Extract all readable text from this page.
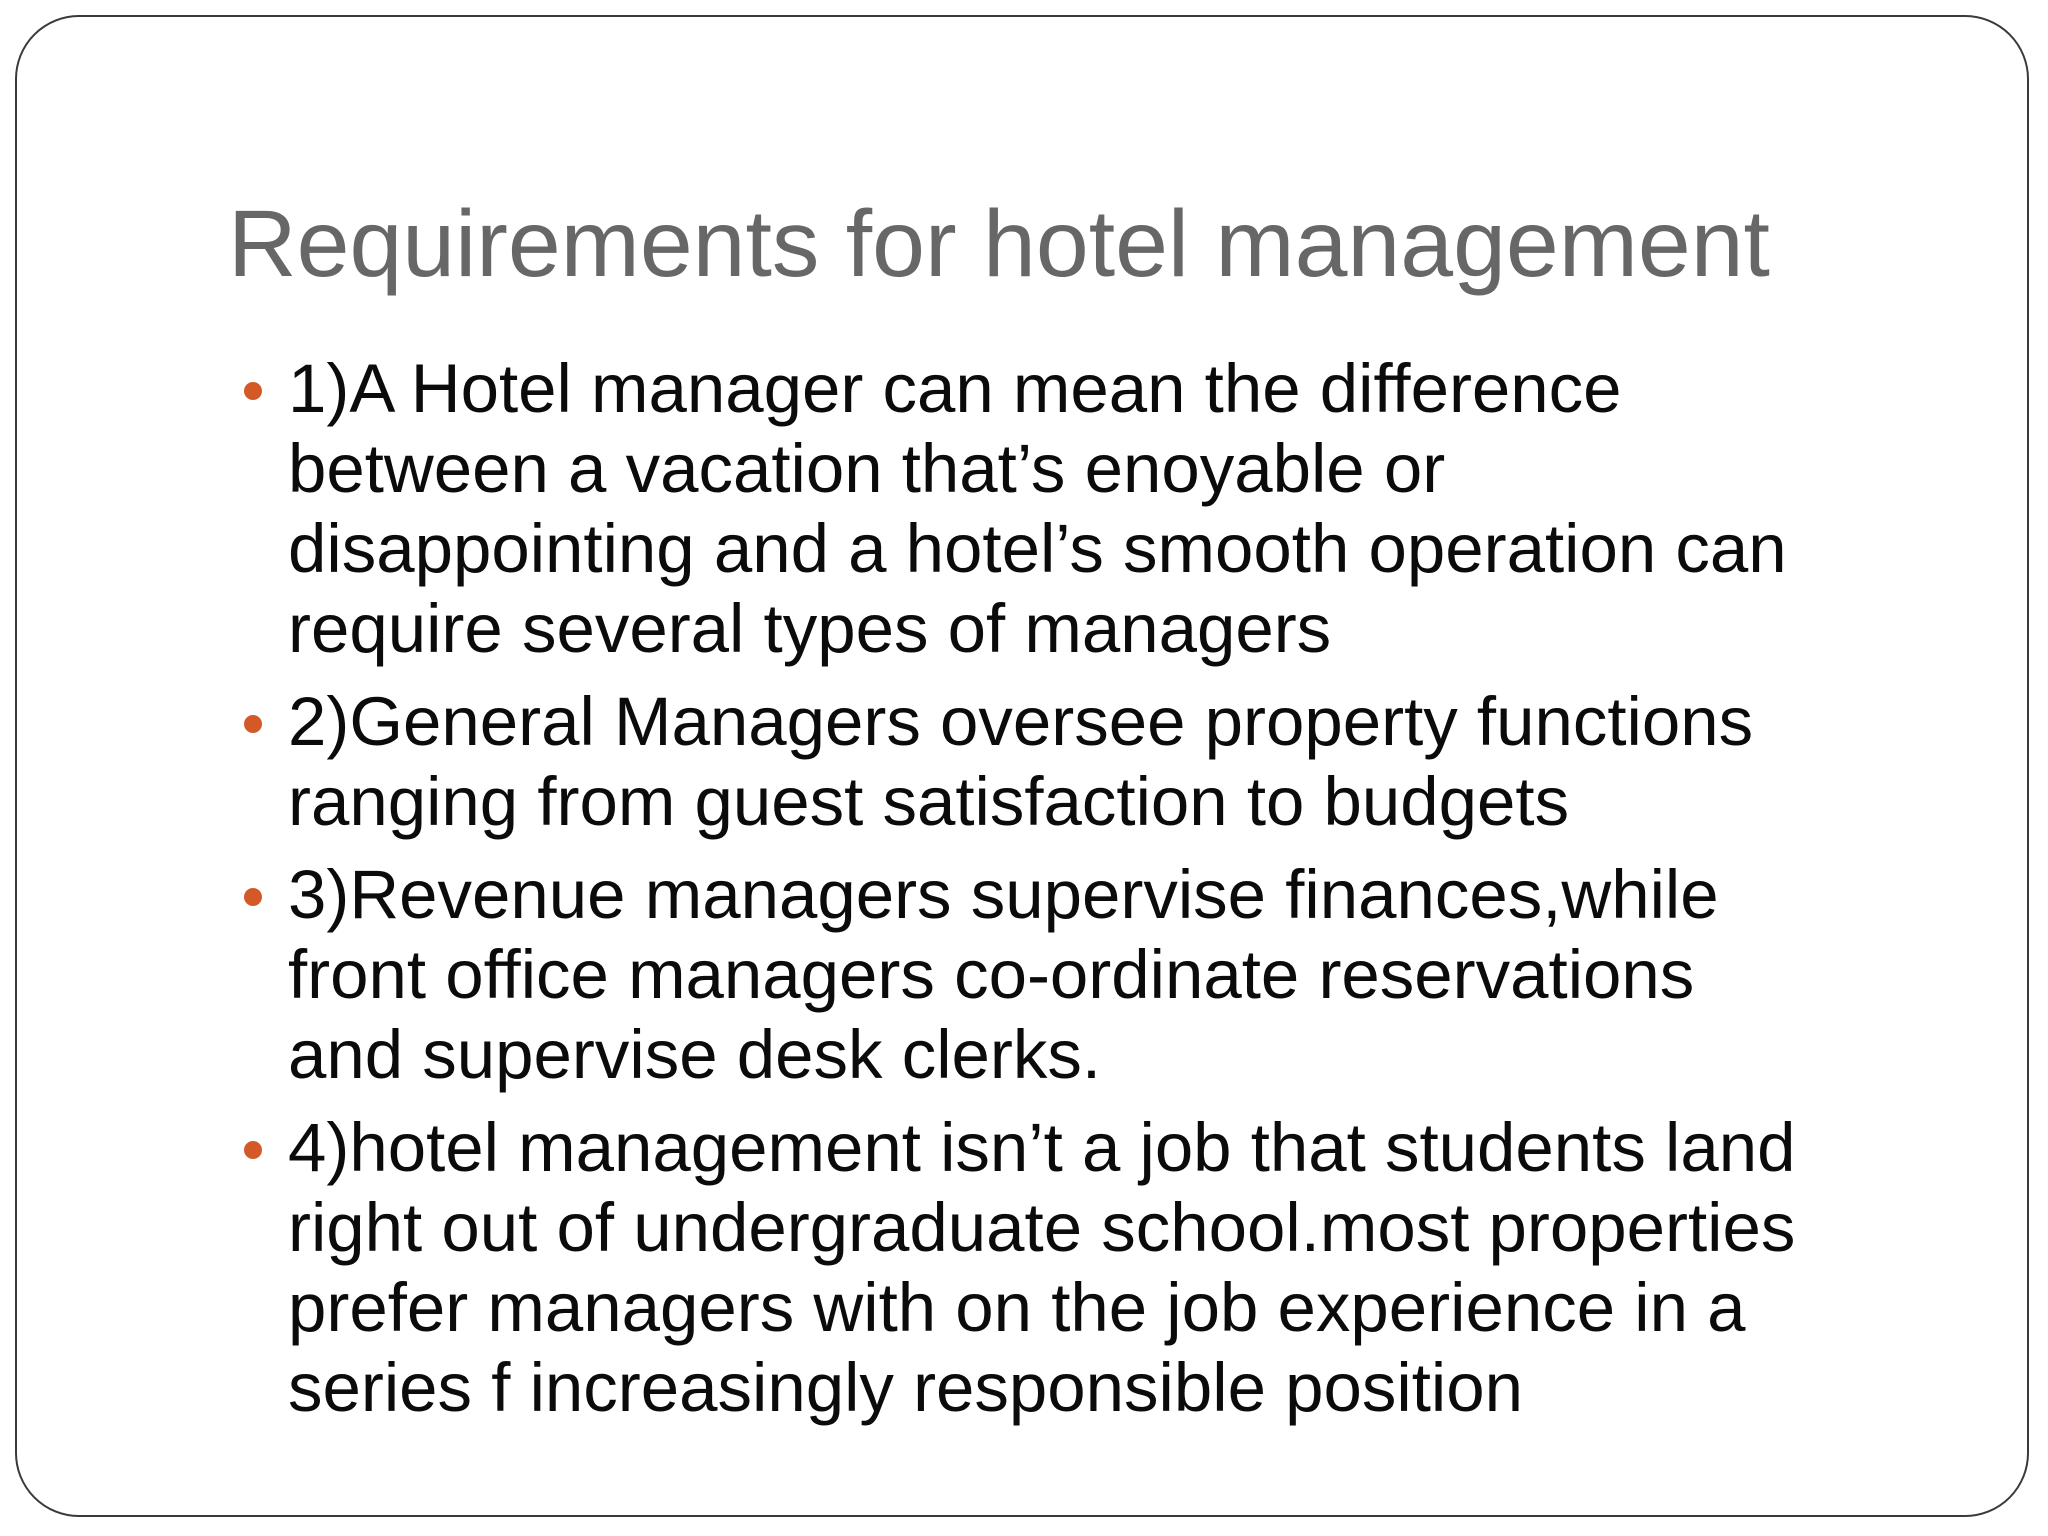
Requirements for hotel management
1)A Hotel manager can mean the difference
between a vacation that’s enoyable or
disappointing and a hotel’s smooth operation can
require several types of managers
2)General Managers oversee property functions
ranging from guest satisfaction to budgets
3)Revenue managers supervise finances,while
front office managers co-ordinate reservations
and supervise desk clerks.
4)hotel management isn’t a job that students land
right out of undergraduate school.most properties
prefer managers with on the job experience in a
series f increasingly responsible position
